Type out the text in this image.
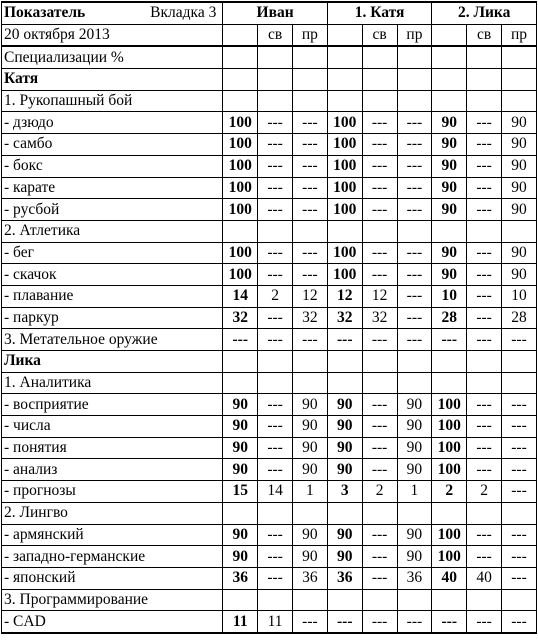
Показатель Вкладка 3	Иван			1. Катя			2. Лика		
20 октября 2013		св	пр		св	пр		св	пр
Специализации %									
Катя									
1. Рукопашный бой									
- дзюдо	100	---	---	100	---	---	90	---	90
- самбо	100	---	---	100	---	---	90	---	90
- бокс	100	---	---	100	---	---	90	---	90
- карате	100	---	---	100	---	---	90	---	90
- русбой	100	---	---	100	---	---	90	---	90
2. Атлетика									
- бег	100	---	---	100	---	---	90	---	90
- скачок	100	---	---	100	---	---	90	---	90
- плавание	14	2	12	12	12	---	10	---	10
- паркур	32	---	32	32	32	---	28	---	28
3. Метательное оружие	---	---	---	---	---	---	---	---	---
Лика									
1. Аналитика									
- восприятие	90	---	90	90	---	90	100	---	---
- числа	90	---	90	90	---	90	100	---	---
- понятия	90	---	90	90	---	90	100	---	---
- анализ	90	---	90	90	---	90	100	---	---
- прогнозы	15	14	1	3	2	1	2	2	---
2. Лингво									
- армянский	90	---	90	90	---	90	100	---	---
- западно-германские	90	---	90	90	---	90	100	---	---
- японский	36	---	36	36	---	36	40	40	---
3. Программирование									
- CAD	11	11	---	---	---	---	---	---	---
